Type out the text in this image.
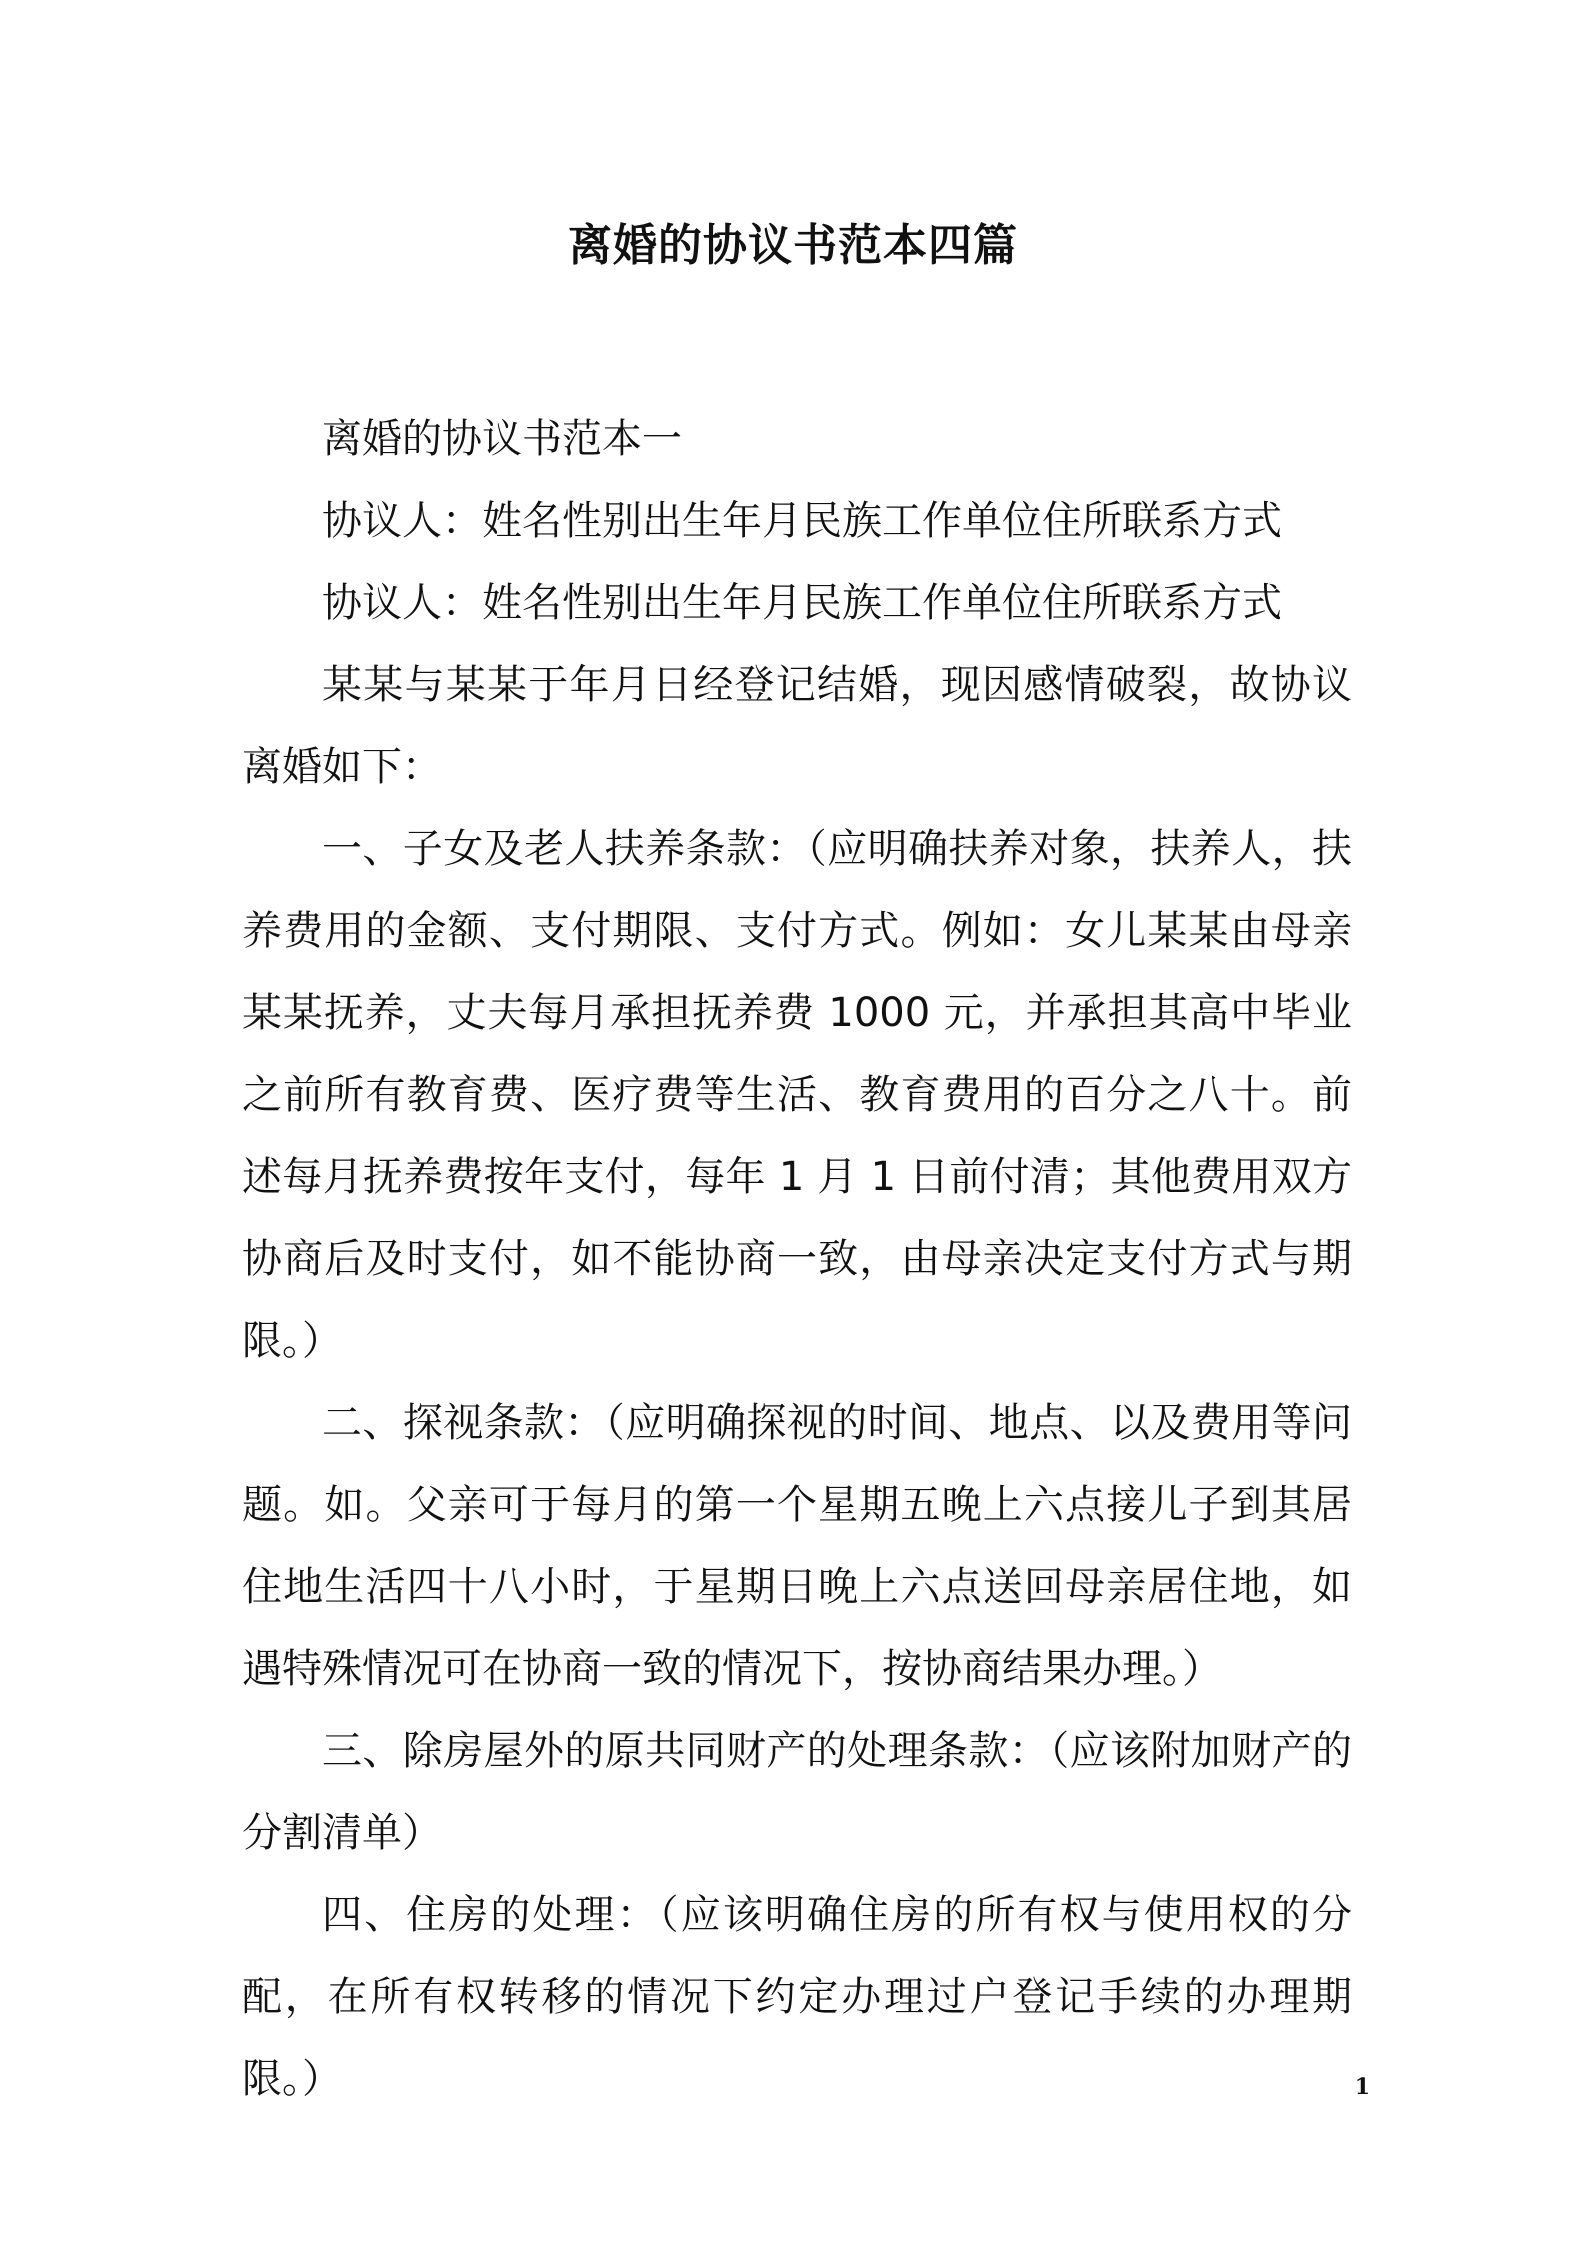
离婚的协议书范本四篇

离婚的协议书范本一

协议人：姓名性别出生年月民族工作单位住所联系方式

协议人：姓名性别出生年月民族工作单位住所联系方式

某某与某某于年月日经登记结婚，现因感情破裂，故协议离婚如下：

一、子女及老人扶养条款：（应明确扶养对象，扶养人，扶养费用的金额、支付期限、支付方式。例如：女儿某某由母亲某某抚养，丈夫每月承担抚养费 1000 元，并承担其高中毕业之前所有教育费、医疗费等生活、教育费用的百分之八十。前述每月抚养费按年支付，每年 1 月 1 日前付清；其他费用双方协商后及时支付，如不能协商一致，由母亲决定支付方式与期限。）

二、探视条款：（应明确探视的时间、地点、以及费用等问题。如。父亲可于每月的第一个星期五晚上六点接儿子到其居住地生活四十八小时，于星期日晚上六点送回母亲居住地，如遇特殊情况可在协商一致的情况下，按协商结果办理。）

三、除房屋外的原共同财产的处理条款：（应该附加财产的分割清单）

四、住房的处理：（应该明确住房的所有权与使用权的分配，在所有权转移的情况下约定办理过户登记手续的办理期限。）	1
